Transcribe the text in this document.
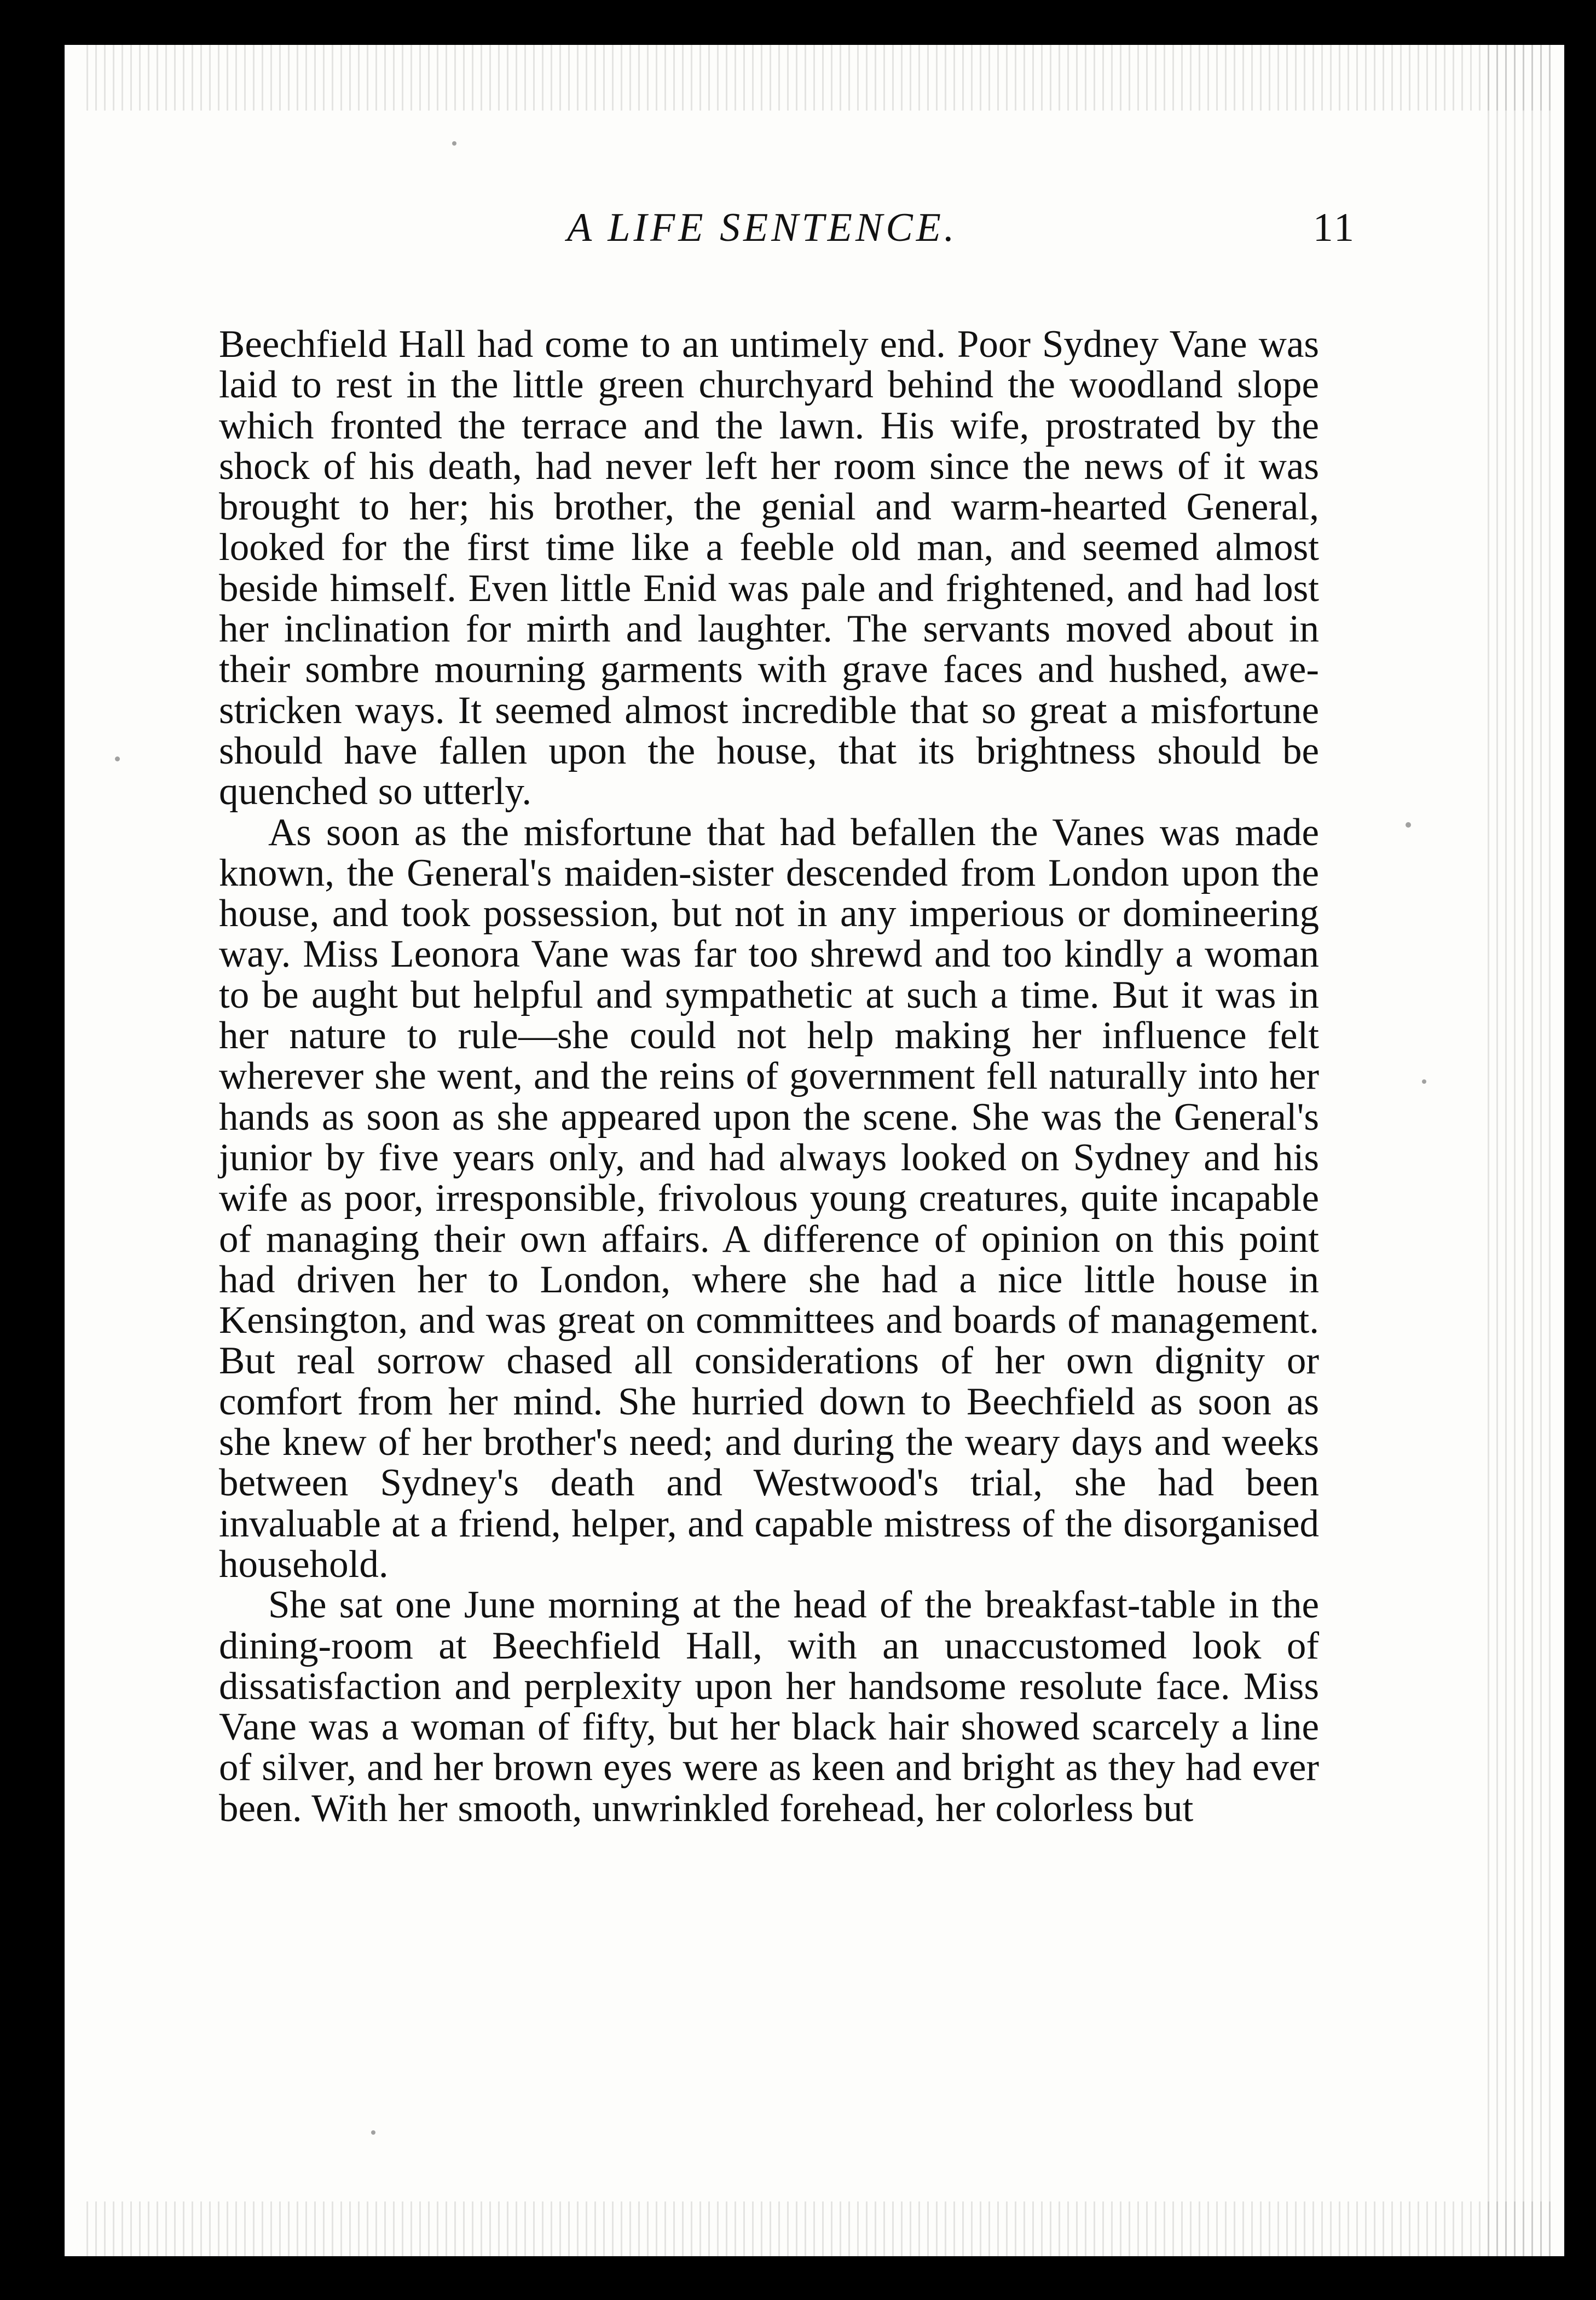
A LIFE SENTENCE.	11

Beechfield Hall had come to an untimely end. Poor Sydney Vane was laid to rest in the little green churchyard behind the woodland slope which fronted the terrace and the lawn. His wife, prostrated by the shock of his death, had never left her room since the news of it was brought to her; his brother, the genial and warm-hearted General, looked for the first time like a feeble old man, and seemed almost beside himself. Even little Enid was pale and frightened, and had lost her inclination for mirth and laughter. The servants moved about in their sombre mourning garments with grave faces and hushed, awe-stricken ways. It seemed almost incredible that so great a misfortune should have fallen upon the house, that its brightness should be quenched so utterly.

As soon as the misfortune that had befallen the Vanes was made known, the General's maiden-sister descended from London upon the house, and took possession, but not in any imperious or domineering way. Miss Leonora Vane was far too shrewd and too kindly a woman to be aught but helpful and sympathetic at such a time. But it was in her nature to rule—she could not help making her influence felt wherever she went, and the reins of government fell naturally into her hands as soon as she appeared upon the scene. She was the General's junior by five years only, and had always looked on Sydney and his wife as poor, irresponsible, frivolous young creatures, quite incapable of managing their own affairs. A difference of opinion on this point had driven her to London, where she had a nice little house in Kensington, and was great on committees and boards of management. But real sorrow chased all considerations of her own dignity or comfort from her mind. She hurried down to Beechfield as soon as she knew of her brother's need; and during the weary days and weeks between Sydney's death and Westwood's trial, she had been invaluable at a friend, helper, and capable mistress of the disorganised household.

She sat one June morning at the head of the breakfast-table in the dining-room at Beechfield Hall, with an unaccustomed look of dissatisfaction and perplexity upon her handsome resolute face. Miss Vane was a woman of fifty, but her black hair showed scarcely a line of silver, and her brown eyes were as keen and bright as they had ever been. With her smooth, unwrinkled forehead, her colorless but
